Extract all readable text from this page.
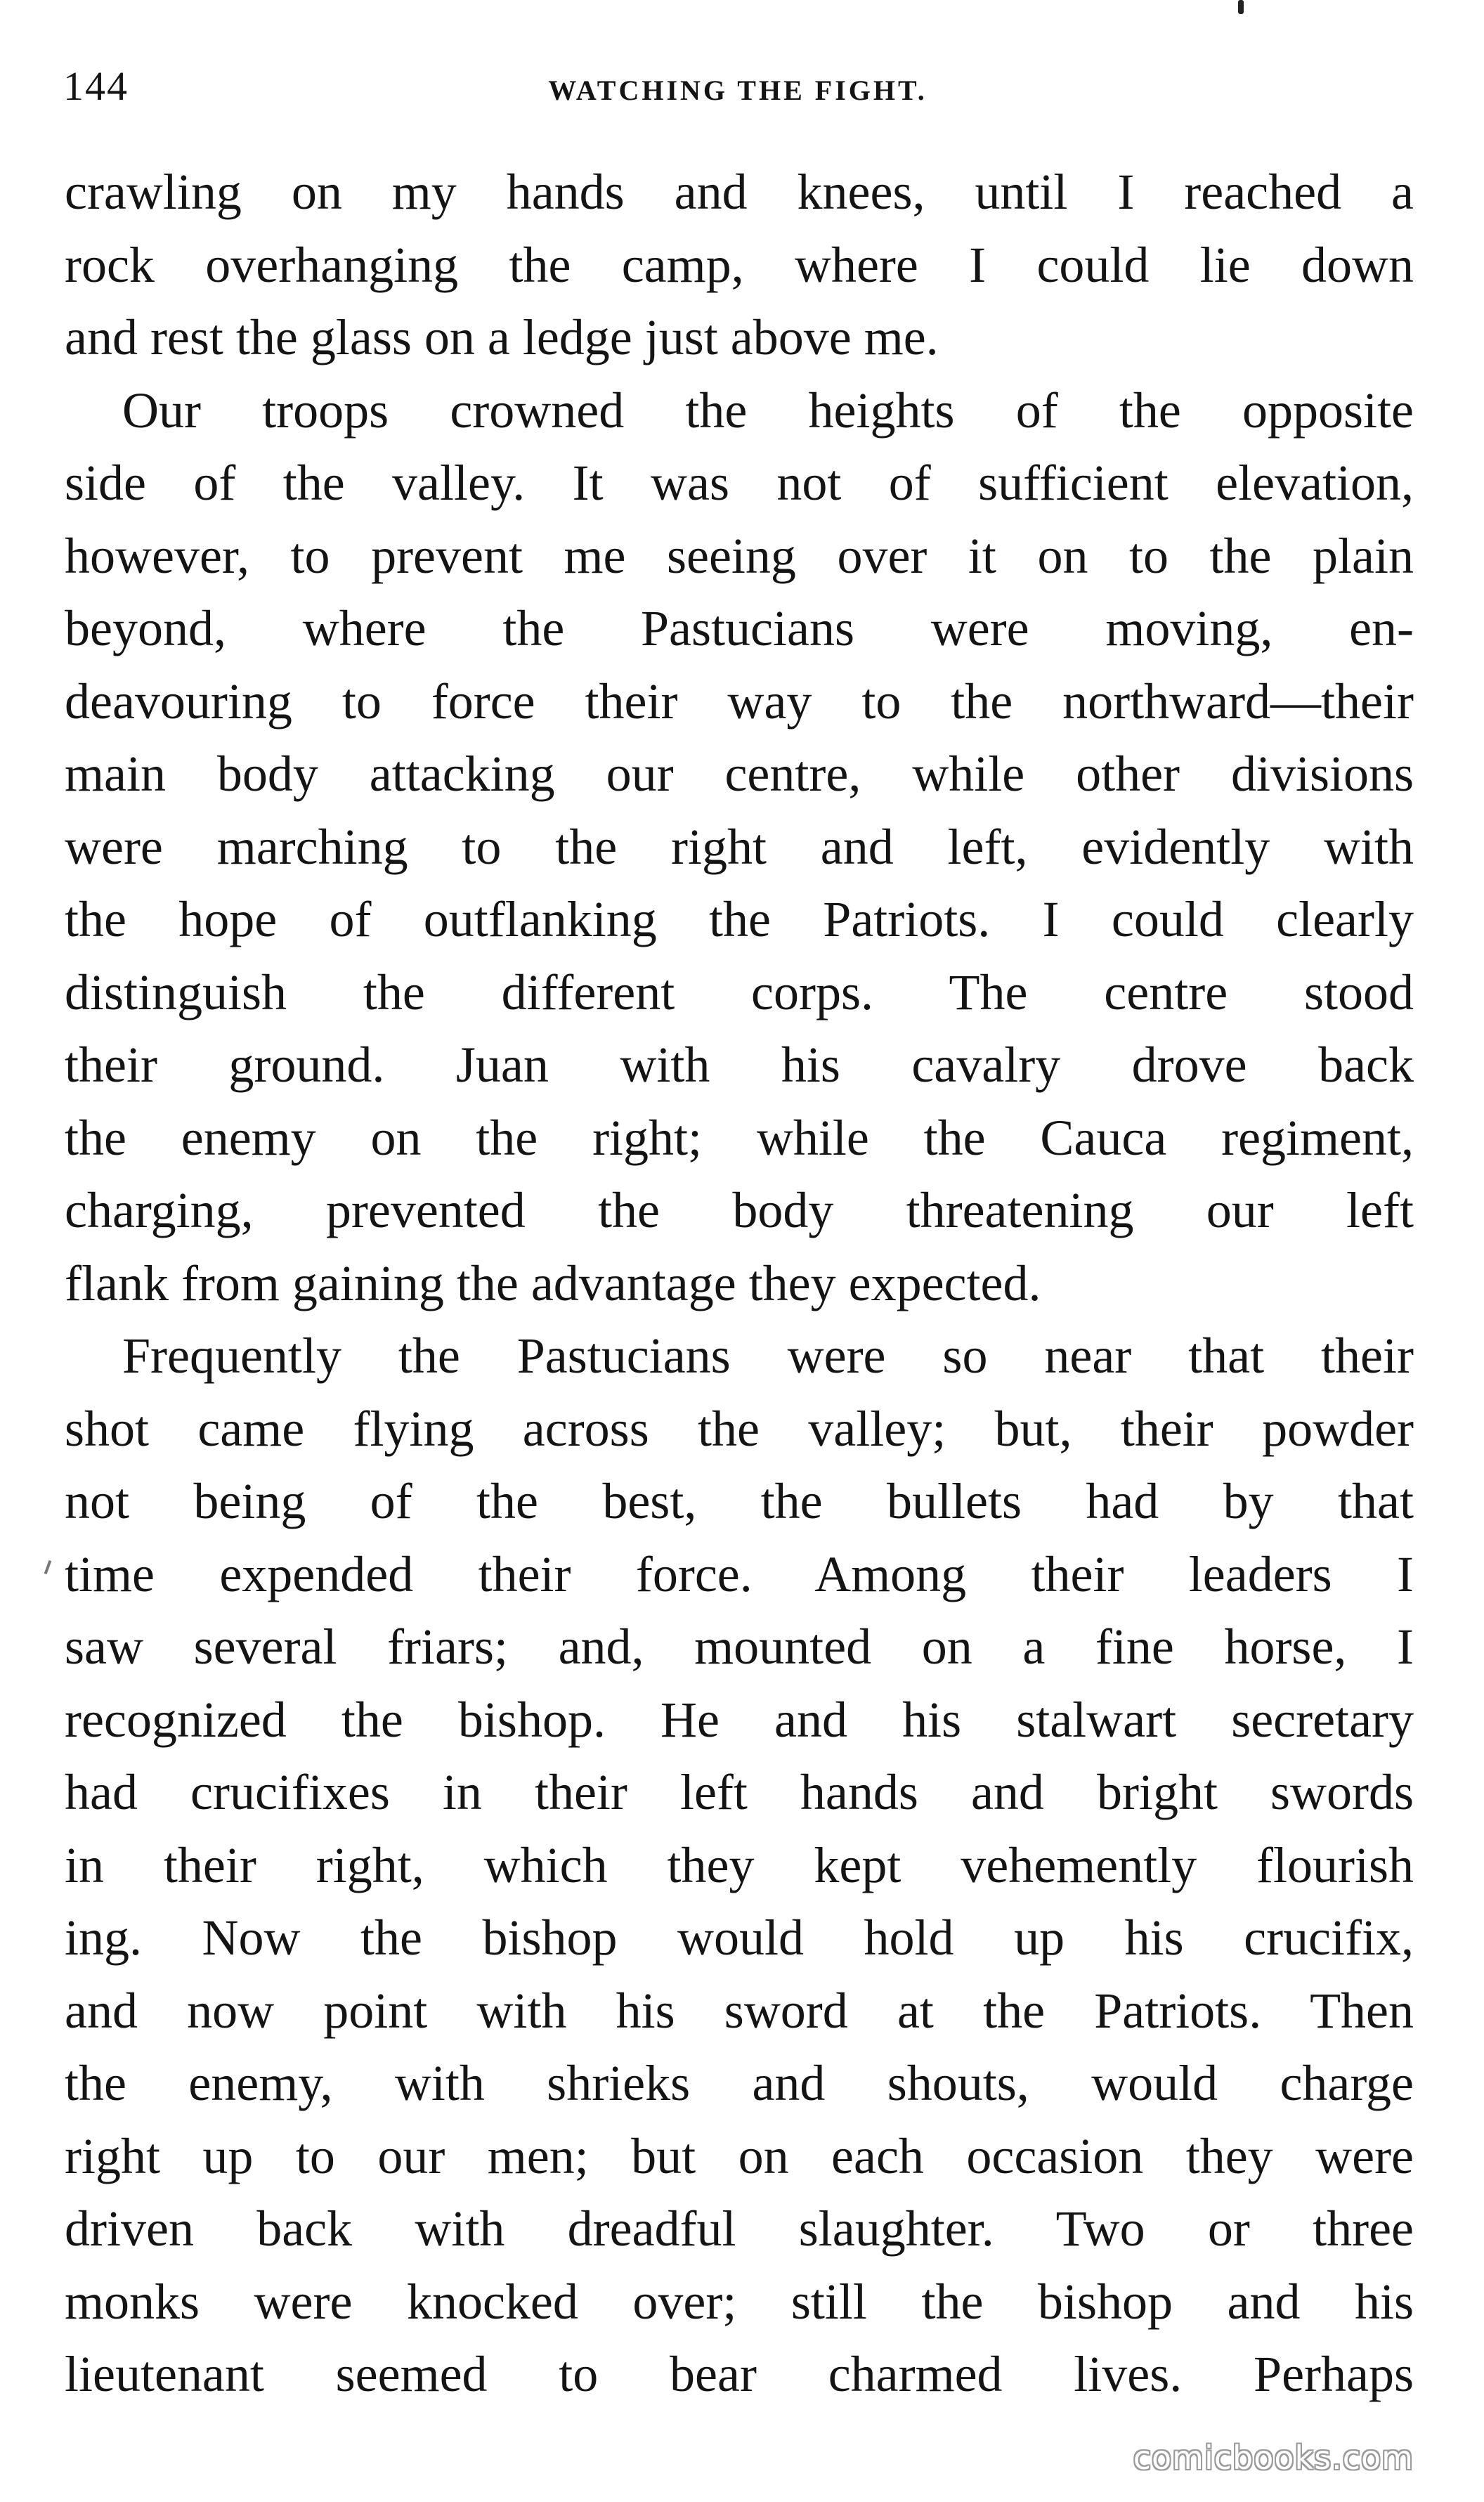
144	WATCHING THE FIGHT.
crawling on my hands and knees, until I reached a
rock overhanging the camp, where I could lie down
and rest the glass on a ledge just above me.
Our troops crowned the heights of the opposite
side of the valley. It was not of sufficient elevation,
however, to prevent me seeing over it on to the plain
beyond, where the Pastucians were moving, en-
deavouring to force their way to the northward—their
main body attacking our centre, while other divisions
were marching to the right and left, evidently with
the hope of outflanking the Patriots. I could clearly
distinguish the different corps. The centre stood
their ground. Juan with his cavalry drove back
the enemy on the right; while the Cauca regiment,
charging, prevented the body threatening our left
flank from gaining the advantage they expected.
Frequently the Pastucians were so near that their
shot came flying across the valley; but, their powder
not being of the best, the bullets had by that
time expended their force. Among their leaders I
saw several friars; and, mounted on a fine horse, I
recognized the bishop. He and his stalwart secretary
had crucifixes in their left hands and bright swords
in their right, which they kept vehemently flourish
ing. Now the bishop would hold up his crucifix,
and now point with his sword at the Patriots. Then
the enemy, with shrieks and shouts, would charge
right up to our men; but on each occasion they were
driven back with dreadful slaughter. Two or three
monks were knocked over; still the bishop and his
lieutenant seemed to bear charmed lives. Perhaps
comicbooks.com
